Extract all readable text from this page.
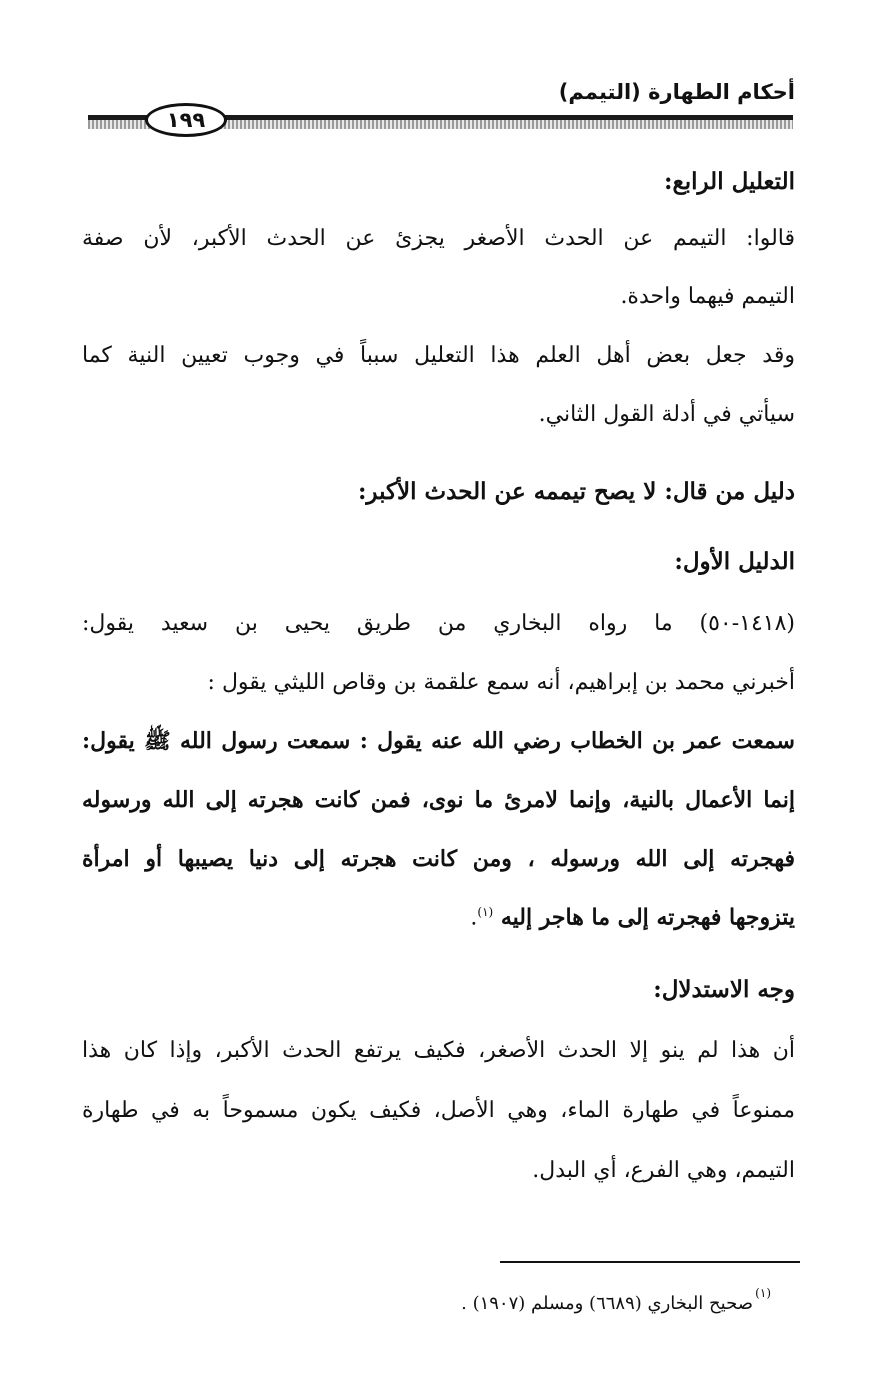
أحكام الطهارة (التيمم)
١٩٩
التعليل الرابع:
قالوا: التيمم عن الحدث الأصغر يجزئ عن الحدث الأكبر، لأن صفة
التيمم فيهما واحدة.
وقد جعل بعض أهل العلم هذا التعليل سبباً في وجوب تعيين النية كما
سيأتي في أدلة القول الثاني.
دليل من قال: لا يصح تيممه عن الحدث الأكبر:
الدليل الأول:
(١٤١٨-٥٠) ما رواه البخاري من طريق يحيى بن سعيد يقول:
أخبرني محمد بن إبراهيم، أنه سمع علقمة بن وقاص الليثي يقول :
سمعت عمر بن الخطاب رضي الله عنه يقول : سمعت رسول الله ﷺ يقول:
إنما الأعمال بالنية، وإنما لامرئ ما نوى، فمن كانت هجرته إلى الله ورسوله
فهجرته إلى الله ورسوله ، ومن كانت هجرته إلى دنيا يصيبها أو امرأة
يتزوجها فهجرته إلى ما هاجر إليه $^{(١)}$.
وجه الاستدلال:
أن هذا لم ينو إلا الحدث الأصغر، فكيف يرتفع الحدث الأكبر، وإذا كان هذا
ممنوعاً في طهارة الماء، وهي الأصل، فكيف يكون مسموحاً به في طهارة
التيمم، وهي الفرع، أي البدل.
(١)
صحيح البخاري (٦٦٨٩) ومسلم (١٩٠٧) .
